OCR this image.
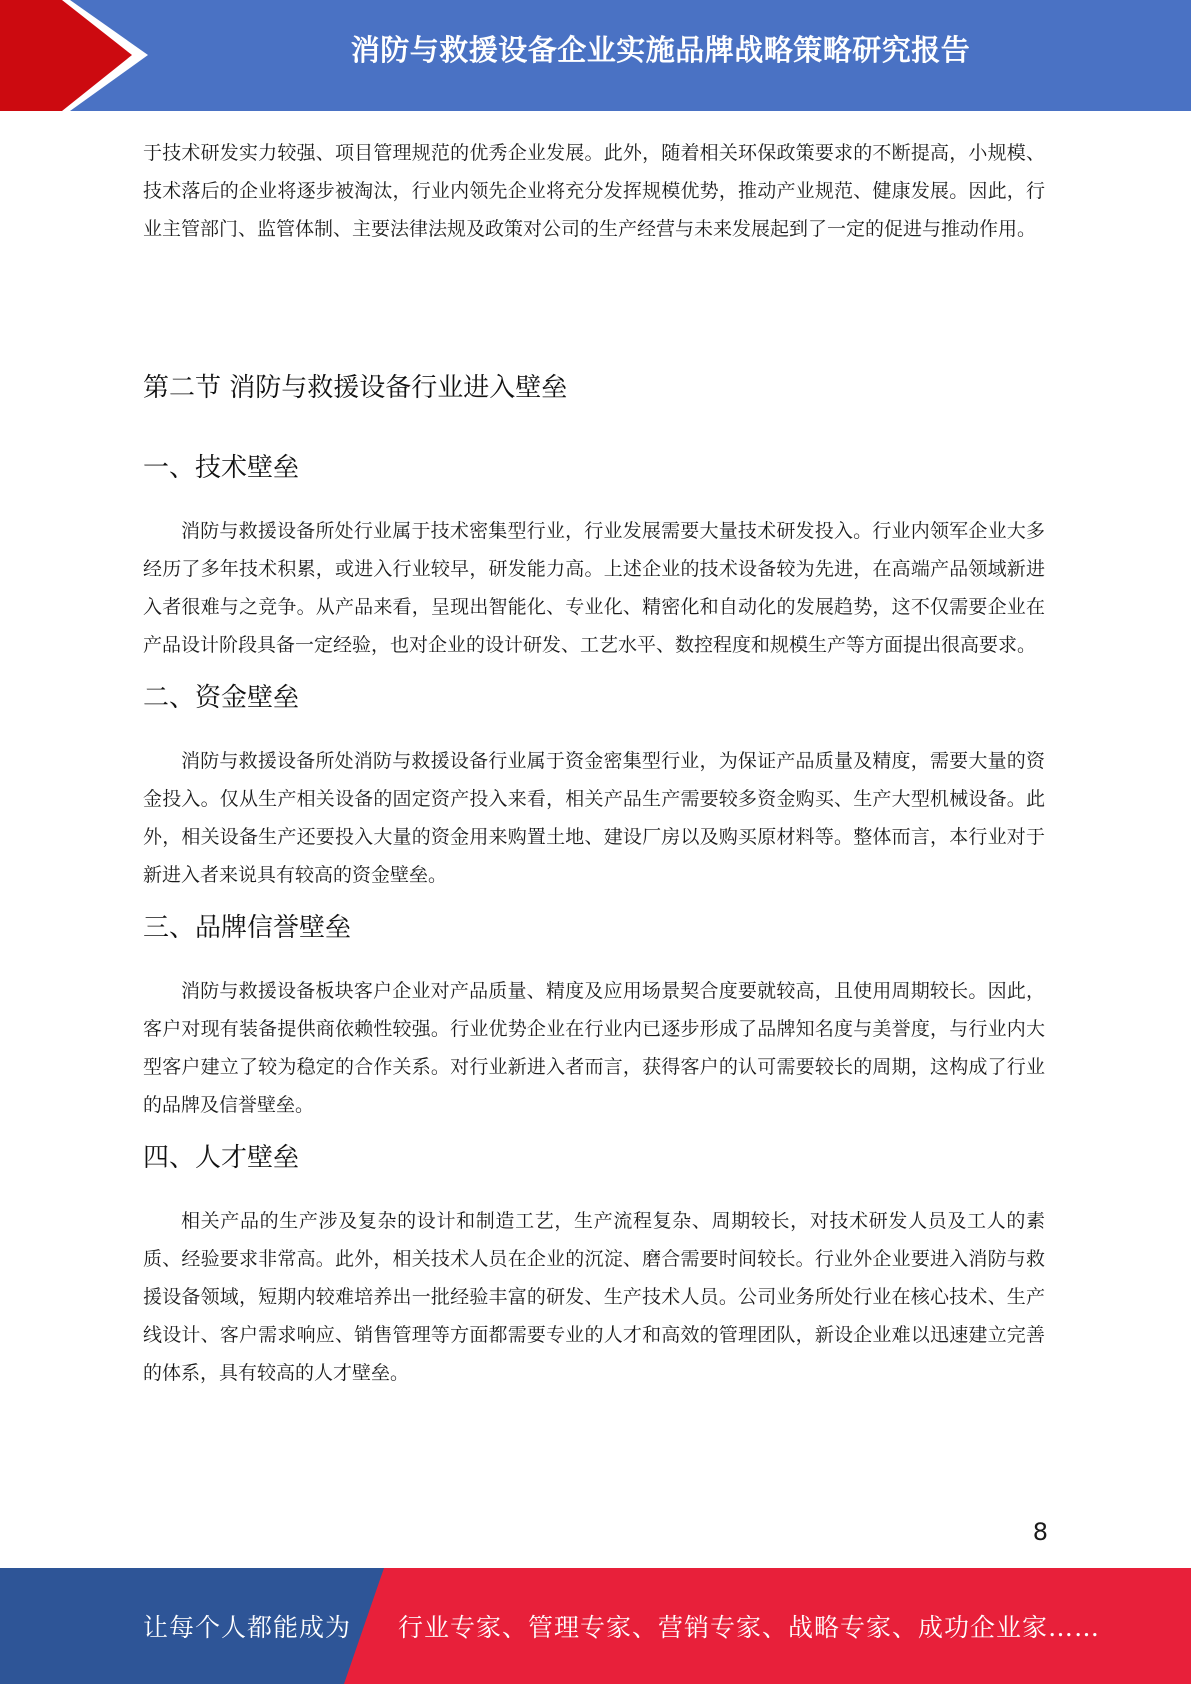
消防与救援设备企业实施品牌战略策略研究报告

于技术研发实力较强、项目管理规范的优秀企业发展。此外，随着相关环保政策要求的不断提高，小规模、技术落后的企业将逐步被淘汰，行业内领先企业将充分发挥规模优势，推动产业规范、健康发展。因此，行业主管部门、监管体制、主要法律法规及政策对公司的生产经营与未来发展起到了一定的促进与推动作用。

第二节 消防与救援设备行业进入壁垒
一、技术壁垒

消防与救援设备所处行业属于技术密集型行业，行业发展需要大量技术研发投入。行业内领军企业大多经历了多年技术积累，或进入行业较早，研发能力高。上述企业的技术设备较为先进，在高端产品领域新进入者很难与之竞争。从产品来看，呈现出智能化、专业化、精密化和自动化的发展趋势，这不仅需要企业在产品设计阶段具备一定经验，也对企业的设计研发、工艺水平、数控程度和规模生产等方面提出很高要求。

二、资金壁垒

消防与救援设备所处消防与救援设备行业属于资金密集型行业，为保证产品质量及精度，需要大量的资金投入。仅从生产相关设备的固定资产投入来看，相关产品生产需要较多资金购买、生产大型机械设备。此外，相关设备生产还要投入大量的资金用来购置土地、建设厂房以及购买原材料等。整体而言，本行业对于新进入者来说具有较高的资金壁垒。

三、品牌信誉壁垒

消防与救援设备板块客户企业对产品质量、精度及应用场景契合度要就较高，且使用周期较长。因此，客户对现有装备提供商依赖性较强。行业优势企业在行业内已逐步形成了品牌知名度与美誉度，与行业内大型客户建立了较为稳定的合作关系。对行业新进入者而言，获得客户的认可需要较长的周期，这构成了行业的品牌及信誉壁垒。

四、人才壁垒

相关产品的生产涉及复杂的设计和制造工艺，生产流程复杂、周期较长，对技术研发人员及工人的素质、经验要求非常高。此外，相关技术人员在企业的沉淀、磨合需要时间较长。行业外企业要进入消防与救援设备领域，短期内较难培养出一批经验丰富的研发、生产技术人员。公司业务所处行业在核心技术、生产线设计、客户需求响应、销售管理等方面都需要专业的人才和高效的管理团队，新设企业难以迅速建立完善的体系，具有较高的人才壁垒。

8
让每个人都能成为 行业专家、管理专家、营销专家、战略专家、成功企业家……
